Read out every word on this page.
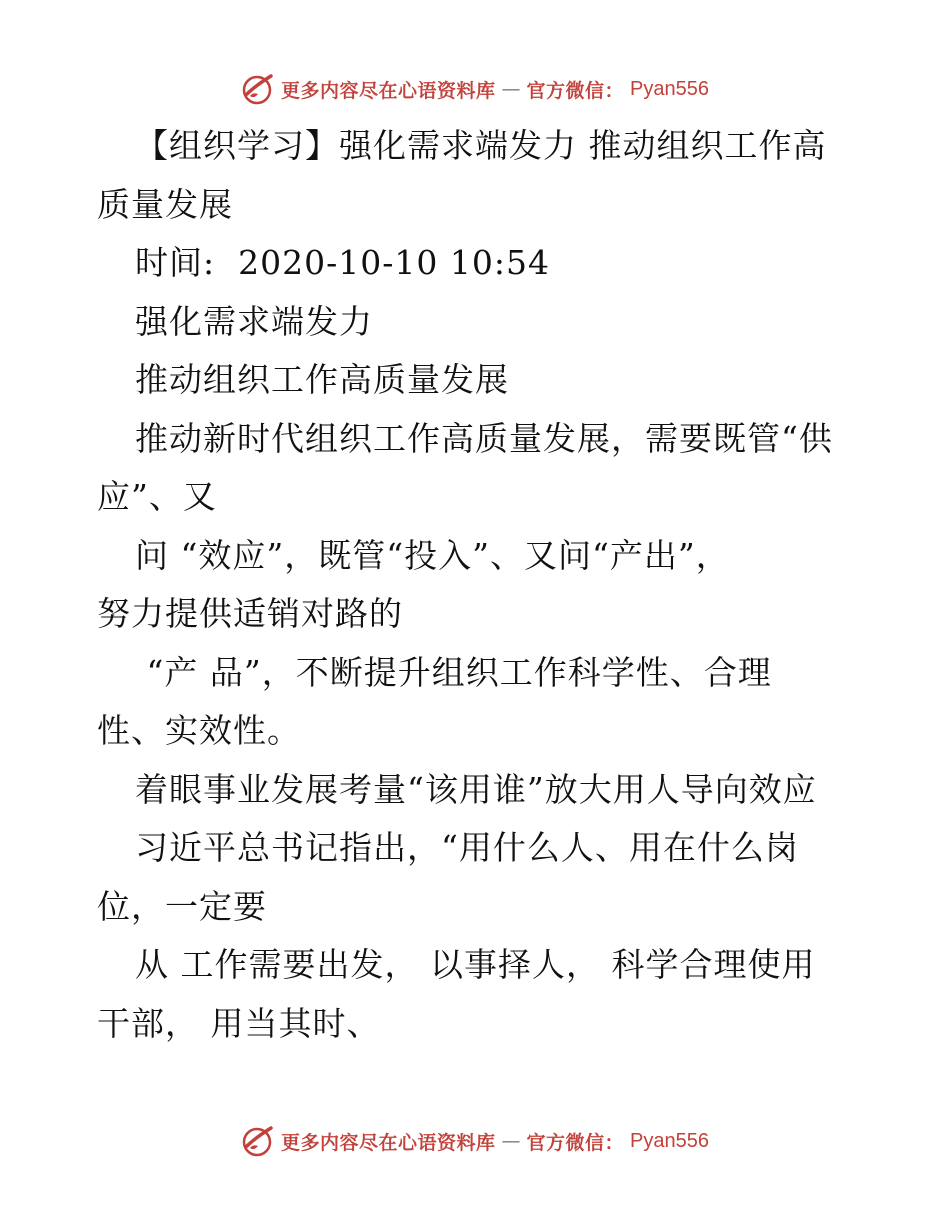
更多内容尽在心语资料库 — 官方微信： Pyan556
【组织学习】强化需求端发力 推动组织工作高
质量发展
时间:  2020-10-10 10:54
强化需求端发力
推动组织工作高质量发展
推动新时代组织工作高质量发展，需要既管“供
应”、又
问 “效应”，既管“投入”、又问“产出”，
努力提供适销对路的
“产 品”，不断提升组织工作科学性、合理
性、实效性。
着眼事业发展考量“该用谁”放大用人导向效应
习近平总书记指出，“用什么人、用在什么岗
位，一定要
从 工作需要出发， 以事择人， 科学合理使用
干部， 用当其时、
更多内容尽在心语资料库 — 官方微信： Pyan556
